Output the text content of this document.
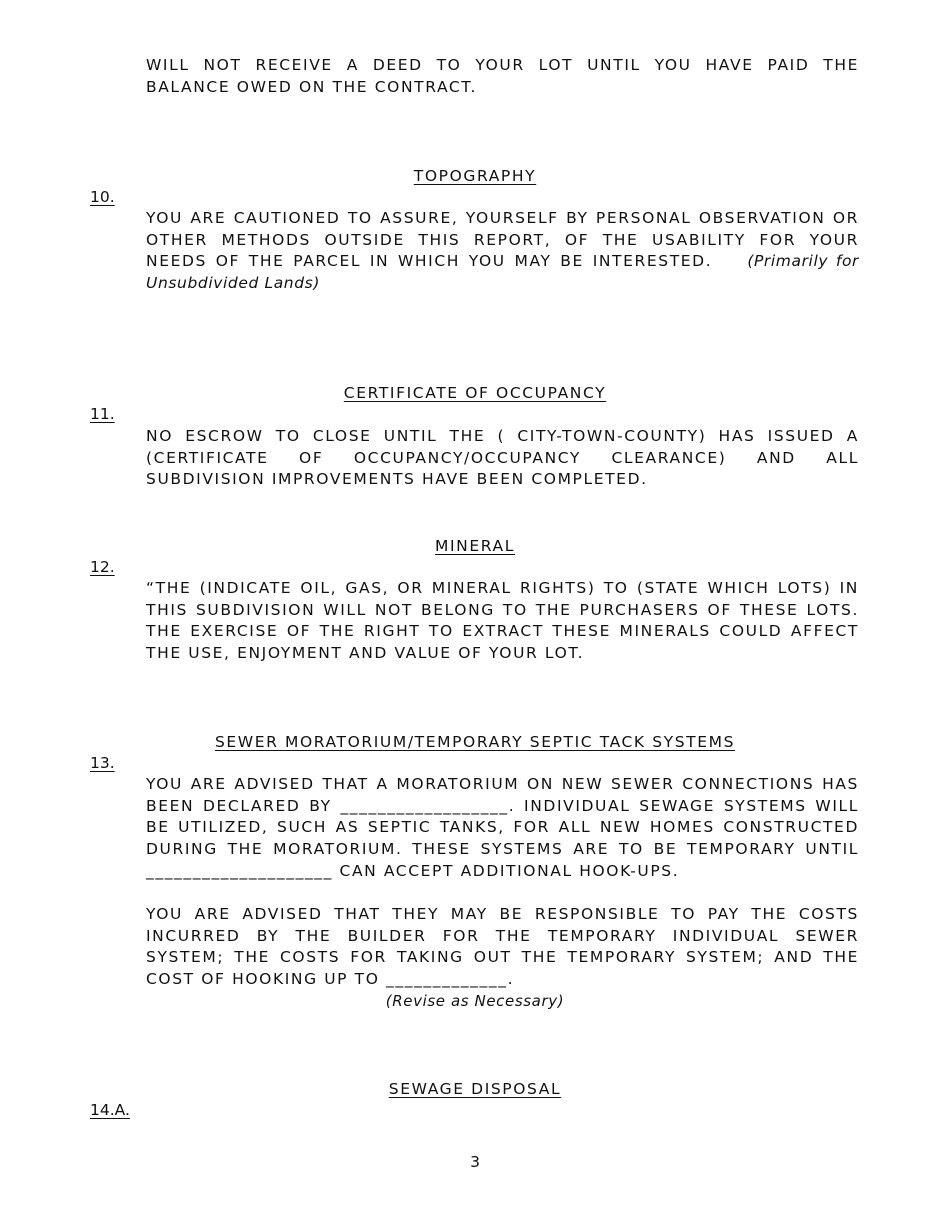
WILL NOT RECEIVE A DEED TO YOUR LOT UNTIL YOU HAVE PAID THE BALANCE OWED ON THE CONTRACT.

TOPOGRAPHY

10.

YOU ARE CAUTIONED TO ASSURE, YOURSELF BY PERSONAL OBSERVATION OR OTHER METHODS OUTSIDE THIS REPORT, OF THE USABILITY FOR YOUR NEEDS OF THE PARCEL IN WHICH YOU MAY BE INTERESTED. (Primarily for Unsubdivided Lands)

CERTIFICATE OF OCCUPANCY

11.

NO ESCROW TO CLOSE UNTIL THE ( CITY-TOWN-COUNTY) HAS ISSUED A (CERTIFICATE OF OCCUPANCY/OCCUPANCY CLEARANCE) AND ALL SUBDIVISION IMPROVEMENTS HAVE BEEN COMPLETED.

MINERAL

12.

“THE (INDICATE OIL, GAS, OR MINERAL RIGHTS) TO (STATE WHICH LOTS) IN THIS SUBDIVISION WILL NOT BELONG TO THE PURCHASERS OF THESE LOTS. THE EXERCISE OF THE RIGHT TO EXTRACT THESE MINERALS COULD AFFECT THE USE, ENJOYMENT AND VALUE OF YOUR LOT.

SEWER MORATORIUM/TEMPORARY SEPTIC TACK SYSTEMS

13.

YOU ARE ADVISED THAT A MORATORIUM ON NEW SEWER CONNECTIONS HAS BEEN DECLARED BY __________________. INDIVIDUAL SEWAGE SYSTEMS WILL BE UTILIZED, SUCH AS SEPTIC TANKS, FOR ALL NEW HOMES CONSTRUCTED DURING THE MORATORIUM. THESE SYSTEMS ARE TO BE TEMPORARY UNTIL ____________________ CAN ACCEPT ADDITIONAL HOOK-UPS.

YOU ARE ADVISED THAT THEY MAY BE RESPONSIBLE TO PAY THE COSTS INCURRED BY THE BUILDER FOR THE TEMPORARY INDIVIDUAL SEWER SYSTEM; THE COSTS FOR TAKING OUT THE TEMPORARY SYSTEM; AND THE COST OF HOOKING UP TO _____________.

(Revise as Necessary)

SEWAGE DISPOSAL

14.A.

3
